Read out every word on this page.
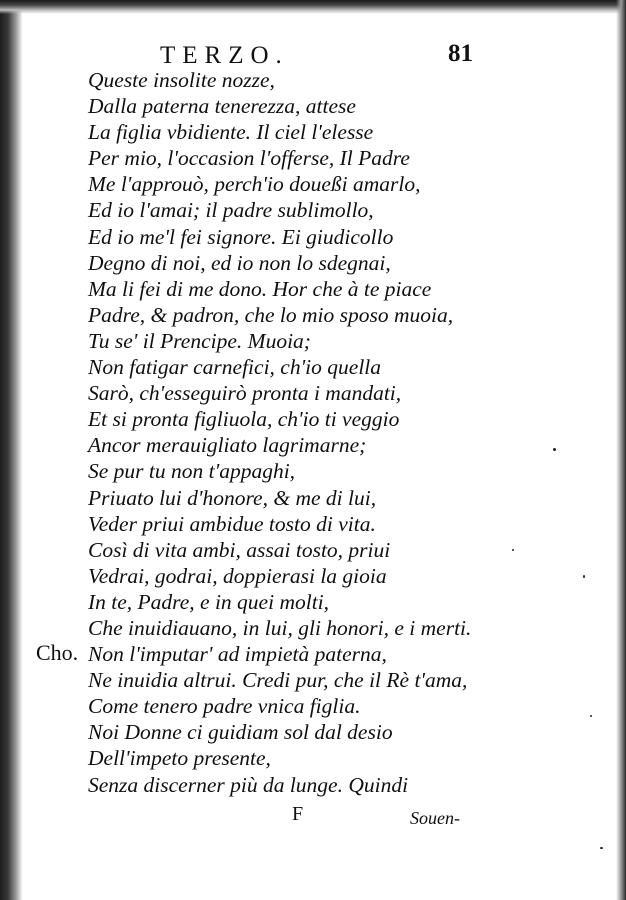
TERZO.	81
Queste insolite nozze,
Dalla paterna tenerezza, attese
La figlia vbidiente. Il ciel l'elesse
Per mio, l'occasion l'offerse, Il Padre
Me l'approuò, perch'io doueßi amarlo,
Ed io l'amai; il padre sublimollo,
Ed io me'l fei signore. Ei giudicollo
Degno di noi, ed io non lo sdegnai,
Ma li fei di me dono. Hor che à te piace
Padre, & padron, che lo mio sposo muoia,
Tu se' il Prencipe. Muoia;
Non fatigar carnefici, ch'io quella
Sarò, ch'esseguirò pronta i mandati,
Et si pronta figliuola, ch'io ti veggio
Ancor merauigliato lagrimarne;
Se pur tu non t'appaghi,
Priuato lui d'honore, & me di lui,
Veder priui ambidue tosto di vita.
Così di vita ambi, assai tosto, priui
Vedrai, godrai, doppierasi la gioia
In te, Padre, e in quei molti,
Che inuidiauano, in lui, gli honori, e i merti.
Non l'imputar' ad impietà paterna,
Ne inuidia altrui. Credi pur, che il Rè t'ama,
Come tenero padre vnica figlia.
Noi Donne ci guidiam sol dal desio
Dell'impeto presente,
Senza discerner più da lunge. Quindi
Cho.
F	Souen-
